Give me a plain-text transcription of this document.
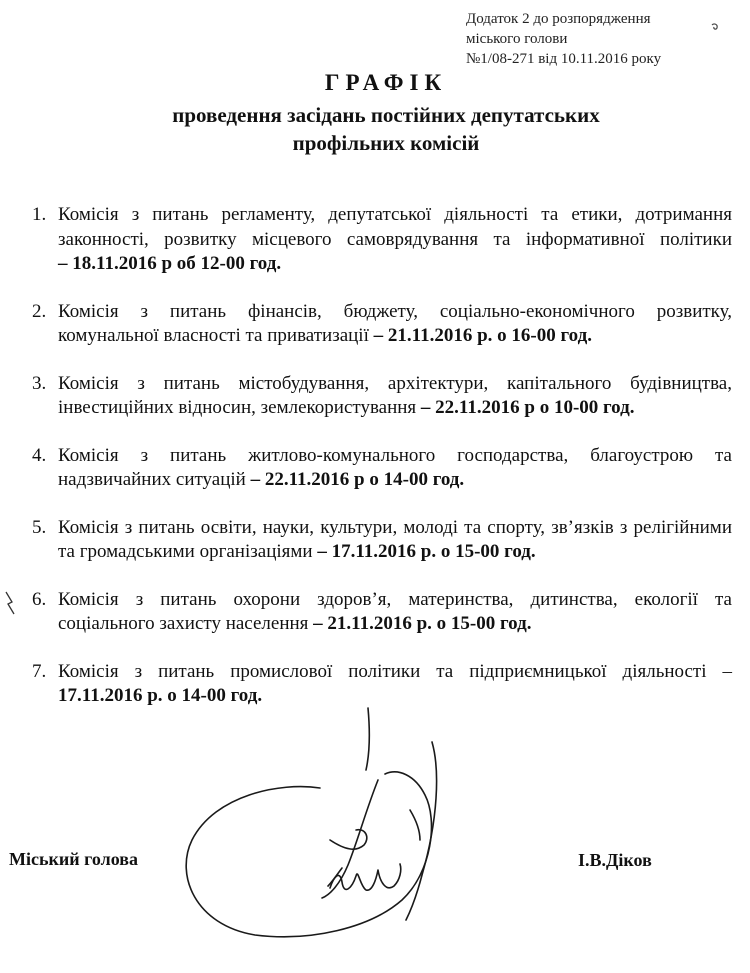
Додаток 2 до розпорядження
міського голови
№1/08-271 від 10.11.2016 року
ГРАФІК
проведення засідань постійних депутатських
профільних комісій
1. Комісія з питань регламенту, депутатської діяльності та етики, дотримання законності, розвитку місцевого самоврядування та інформативної політики – 18.11.2016 р об 12-00 год.
2. Комісія з питань фінансів, бюджету, соціально-економічного розвитку, комунальної власності та приватизації – 21.11.2016 р. о 16-00 год.
3. Комісія з питань містобудування, архітектури, капітального будівництва, інвестиційних відносин, землекористування – 22.11.2016 р о 10-00 год.
4. Комісія з питань житлово-комунального господарства, благоустрою та надзвичайних ситуацій – 22.11.2016 р о 14-00 год.
5. Комісія з питань освіти, науки, культури, молоді та спорту, зв’язків з релігійними та громадськими організаціями – 17.11.2016 р. о 15-00 год.
6. Комісія з питань охорони здоров’я, материнства, дитинства, екології та соціального захисту населення – 21.11.2016 р. о 15-00 год.
7. Комісія з питань промислової політики та підприємницької діяльності – 17.11.2016 р. о 14-00 год.
Міський голова	І.В.Діков
